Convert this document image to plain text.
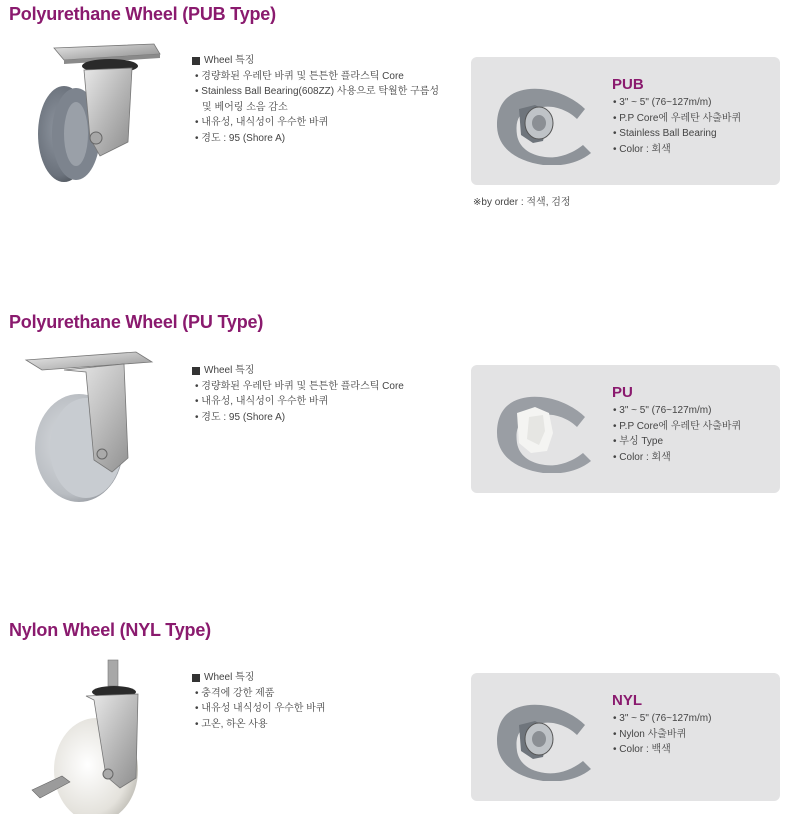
Polyurethane Wheel (PUB Type)
Wheel 특징
• 경량화된 우레탄 바퀴 및 튼튼한 플라스틱 Core
• Stainless Ball Bearing(608ZZ) 사용으로 탁월한 구름성
및 베어링 소음 감소
• 내유성, 내식성이 우수한 바퀴
• 경도 : 95 (Shore A)
PUB
• 3" ~ 5" (76~127m/m)
• P.P Core에 우레탄 사출바퀴
• Stainless Ball Bearing
• Color : 회색
※by order : 적색, 검정
Polyurethane Wheel (PU Type)
Wheel 특징
• 경량화된 우레탄 바퀴 및 튼튼한 플라스틱 Core
• 내유성, 내식성이 우수한 바퀴
• 경도 : 95 (Shore A)
PU
• 3" ~ 5" (76~127m/m)
• P.P Core에 우레탄 사출바퀴
• 부싱 Type
• Color : 회색
Nylon Wheel (NYL Type)
Wheel 특징
• 충격에 강한 제품
• 내유성 내식성이 우수한 바퀴
• 고온, 하온 사용
NYL
• 3" ~ 5" (76~127m/m)
• Nylon 사출바퀴
• Color : 백색
